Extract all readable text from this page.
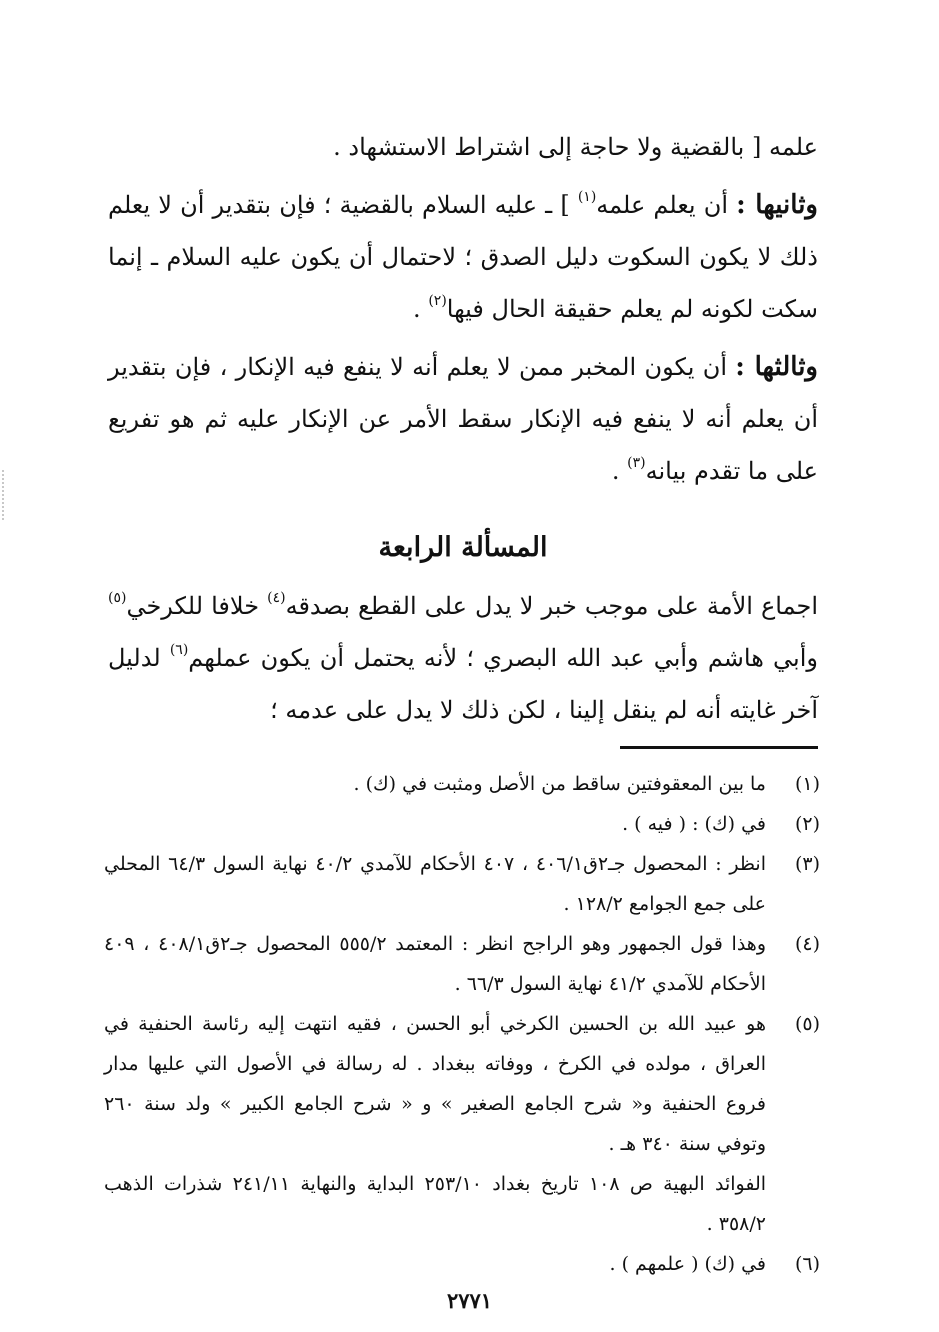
علمه [ بالقضية ولا حاجة إلى اشتراط الاستشهاد .

وثانيها : أن يعلم علمه$^{(١)}$ ] ـ عليه السلام بالقضية ؛ فإن بتقدير أن لا يعلم ذلك لا يكون السكوت دليل الصدق ؛ لاحتمال أن يكون عليه السلام ـ إنما سكت لكونه لم يعلم حقيقة الحال فيها$^{(٢)}$ .

وثالثها : أن يكون المخبر ممن لا يعلم أنه لا ينفع فيه الإنكار ، فإن بتقدير أن يعلم أنه لا ينفع فيه الإنكار سقط الأمر عن الإنكار عليه ثم هو تفريع على ما تقدم بيانه$^{(٣)}$ .

المسألة الرابعة

اجماع الأمة على موجب خبر لا يدل على القطع بصدقه$^{(٤)}$ خلافا للكرخي$^{(٥)}$ وأبي هاشم وأبي عبد الله البصري ؛ لأنه يحتمل أن يكون عملهم$^{(٦)}$ لدليل آخر غايته أنه لم ينقل إلينا ، لكن ذلك لا يدل على عدمه ؛

(١)
ما بين المعقوفتين ساقط من الأصل ومثبت في (ك) .
(٢)
في (ك) : ( فيه ) .
(٣)
انظر : المحصول جـ٢ق٤٠٦/١ ، ٤٠٧ الأحكام للآمدي ٤٠/٢ نهاية السول ٦٤/٣ المحلي على جمع الجوامع ١٢٨/٢ .
(٤)
وهذا قول الجمهور وهو الراجح انظر : المعتمد ٥٥٥/٢ المحصول جـ٢ق٤٠٨/١ ، ٤٠٩ الأحكام للآمدي ٤١/٢ نهاية السول ٦٦/٣ .
(٥)
هو عبيد الله بن الحسين الكرخي أبو الحسن ، فقيه انتهت إليه رئاسة الحنفية في العراق ، مولده في الكرخ ، ووفاته ببغداد . له رسالة في الأصول التي عليها مدار فروع الحنفية و« شرح الجامع الصغير » و « شرح الجامع الكبير » ولد سنة ٢٦٠ وتوفي سنة ٣٤٠ هـ .
الفوائد البهية ص ١٠٨ تاريخ بغداد ٢٥٣/١٠ البداية والنهاية ٢٤١/١١ شذرات الذهب ٣٥٨/٢ .
(٦)
في (ك) ( علمهم ) .
٢٧٧١
